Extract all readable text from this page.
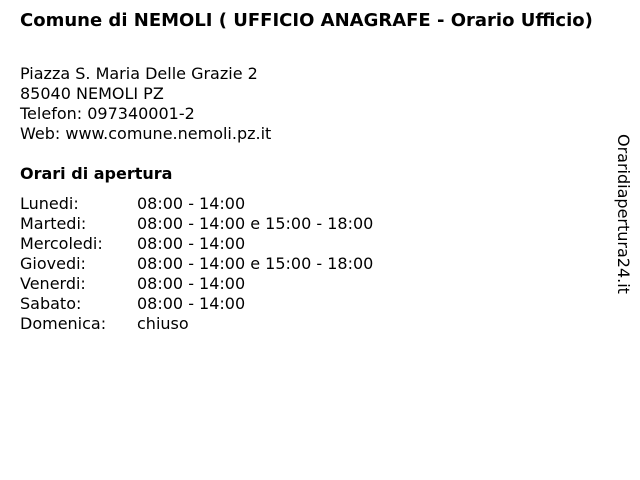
Comune di NEMOLI ( UFFICIO ANAGRAFE - Orario Ufficio)
Piazza S. Maria Delle Grazie 2
85040 NEMOLI PZ
Telefon: 097340001-2
Web: www.comune.nemoli.pz.it
Orari di apertura
Lunedi:	08:00 - 14:00
Martedi:	08:00 - 14:00 e 15:00 - 18:00
Mercoledi:	08:00 - 14:00
Giovedi:	08:00 - 14:00 e 15:00 - 18:00
Venerdi:	08:00 - 14:00
Sabato:	08:00 - 14:00
Domenica:	chiuso
Oraridiapertura24.it
